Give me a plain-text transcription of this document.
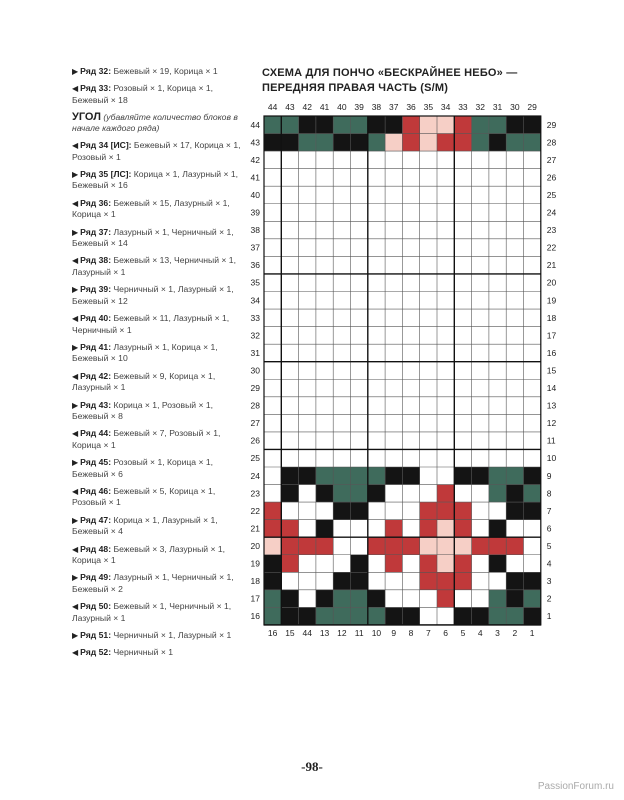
▶ Ряд 32: Бежевый × 19, Корица × 1
◀ Ряд 33: Розовый × 1, Корица × 1, Бежевый × 18
УГОЛ (убавляйте количество блоков в начале каждого ряда)
◀ Ряд 34 [ИС]: Бежевый × 17, Корица × 1, Розовый × 1
▶ Ряд 35 [ЛС]: Корица × 1, Лазурный × 1, Бежевый × 16
◀ Ряд 36: Бежевый × 15, Лазурный × 1, Корица × 1
▶ Ряд 37: Лазурный × 1, Черничный × 1, Бежевый × 14
◀ Ряд 38: Бежевый × 13, Черничный × 1, Лазурный × 1
▶ Ряд 39: Черничный × 1, Лазурный × 1, Бежевый × 12
◀ Ряд 40: Бежевый × 11, Лазурный × 1, Черничный × 1
▶ Ряд 41: Лазурный × 1, Корица × 1, Бежевый × 10
◀ Ряд 42: Бежевый × 9, Корица × 1, Лазурный × 1
▶ Ряд 43: Корица × 1, Розовый × 1, Бежевый × 8
◀ Ряд 44: Бежевый × 7, Розовый × 1, Корица × 1
▶ Ряд 45: Розовый × 1, Корица × 1, Бежевый × 6
◀ Ряд 46: Бежевый × 5, Корица × 1, Розовый × 1
▶ Ряд 47: Корица × 1, Лазурный × 1, Бежевый × 4
◀ Ряд 48: Бежевый × 3, Лазурный × 1, Корица × 1
▶ Ряд 49: Лазурный × 1, Черничный × 1, Бежевый × 2
◀ Ряд 50: Бежевый × 1, Черничный × 1, Лазурный × 1
▶ Ряд 51: Черничный × 1, Лазурный × 1
◀ Ряд 52: Черничный × 1
СХЕМА ДЛЯ ПОНЧО «БЕСКРАЙНЕЕ НЕБО» —
ПЕРЕДНЯЯ ПРАВАЯ ЧАСТЬ (S/M)
44 43 42 41 40 39 38 37 36 35 34 33 32 31 30 29
16 15 44 13 12 11 10 9 8 7 6 5 4 3 2 1
44
43
42
41
40
39
38
37
36
35
34
33
32
31
30
29
28
27
26
25
24
23
22
21
20
19
18
17
16
29
28
27
26
25
24
23
22
21
20
19
18
17
16
15
14
13
12
11
10
9
8
7
6
5
4
3
2
1
-98-
PassionForum.ru
